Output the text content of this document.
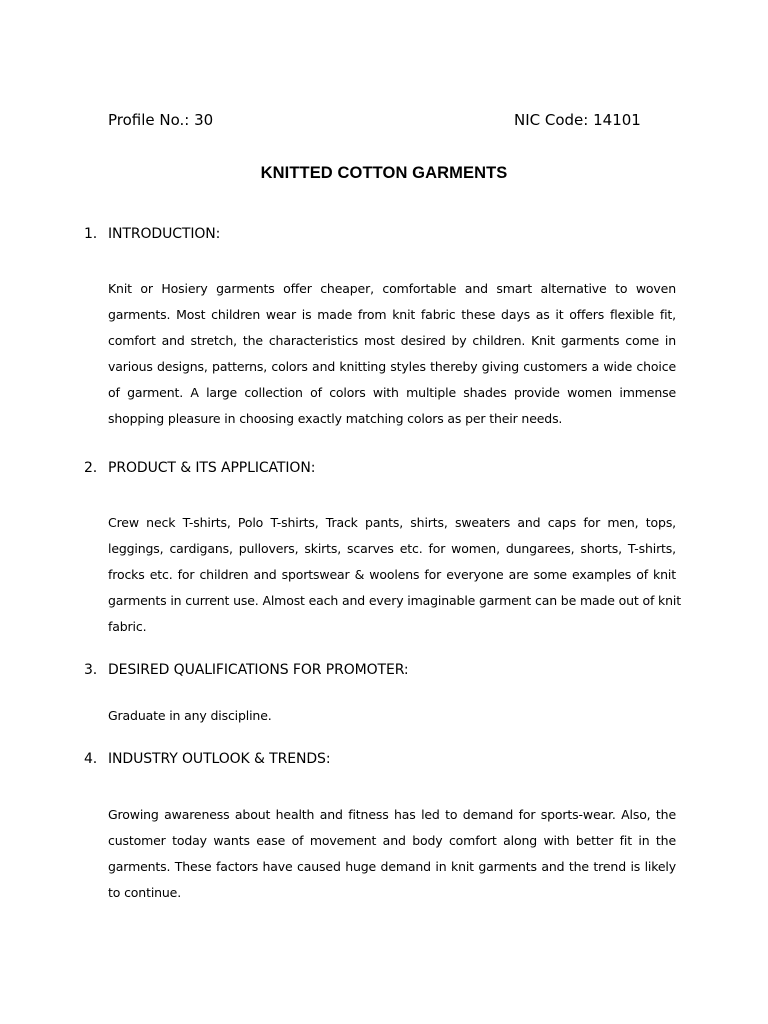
Profile No.: 30	NIC Code: 14101
KNITTED COTTON GARMENTS
1. INTRODUCTION:
Knit or Hosiery garments offer cheaper, comfortable and smart alternative to woven
garments. Most children wear is made from knit fabric these days as it offers flexible fit,
comfort and stretch, the characteristics most desired by children. Knit garments come in
various designs, patterns, colors and knitting styles thereby giving customers a wide choice
of garment. A large collection of colors with multiple shades provide women immense
shopping pleasure in choosing exactly matching colors as per their needs.
2. PRODUCT & ITS APPLICATION:
Crew neck T-shirts, Polo T-shirts, Track pants, shirts, sweaters and caps for men, tops,
leggings, cardigans, pullovers, skirts, scarves etc. for women, dungarees, shorts, T-shirts,
frocks etc. for children and sportswear & woolens for everyone are some examples of knit
garments in current use. Almost each and every imaginable garment can be made out of knit
fabric.
3. DESIRED QUALIFICATIONS FOR PROMOTER:
Graduate in any discipline.
4. INDUSTRY OUTLOOK & TRENDS:
Growing awareness about health and fitness has led to demand for sports-wear. Also, the
customer today wants ease of movement and body comfort along with better fit in the
garments. These factors have caused huge demand in knit garments and the trend is likely
to continue.
